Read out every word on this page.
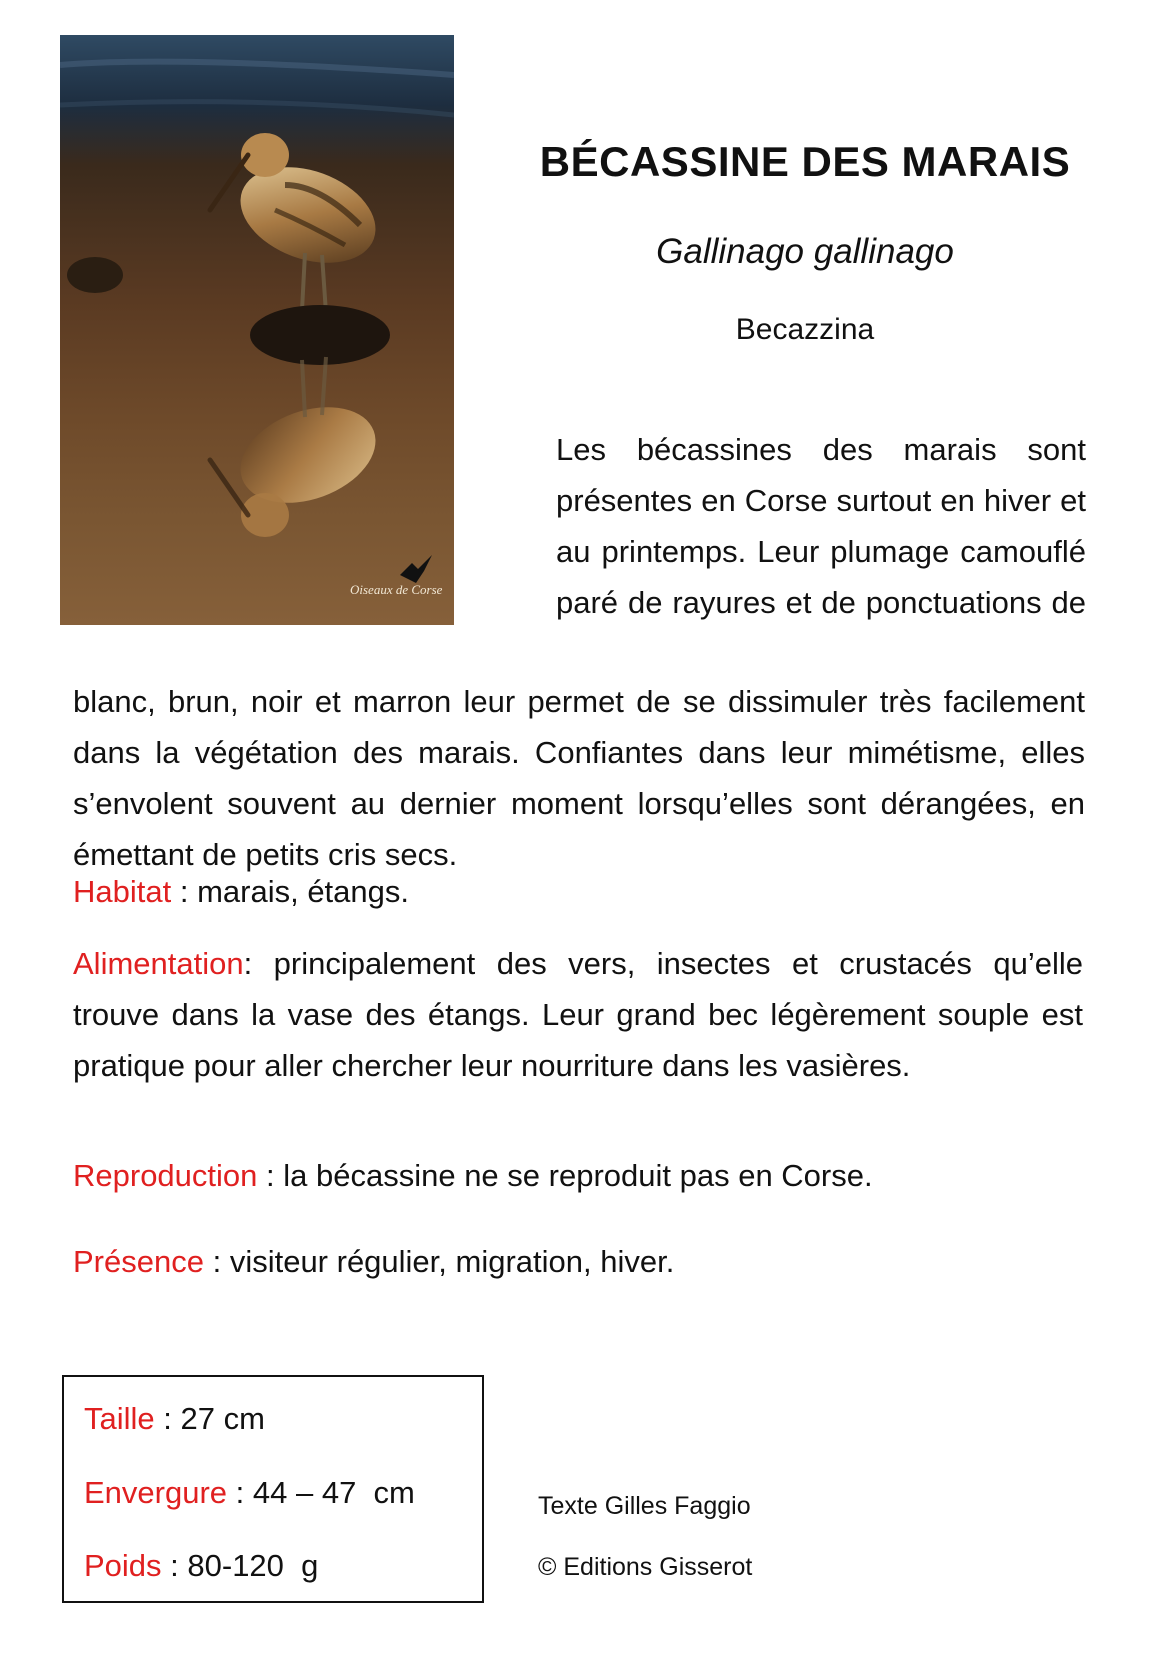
Oiseaux de Corse
BÉCASSINE DES MARAIS
Gallinago gallinago
Becazzina
Les bécassines des marais sont présentes en Corse surtout en hiver et au printemps. Leur plumage camouflé paré de rayures et de ponctuations de
blanc, brun, noir et marron leur permet de se dissimuler très facilement dans la végétation des marais. Confiantes dans leur mimétisme, elles s’envolent souvent au dernier moment lorsqu’elles sont dérangées, en émettant de petits cris secs.
Habitat : marais, étangs.
Alimentation: principalement des vers, insectes et crustacés qu’elle trouve dans la vase des étangs. Leur grand bec légèrement souple est pratique pour aller chercher leur nourriture dans les vasières.
Reproduction : la bécassine ne se reproduit pas en Corse.
Présence : visiteur régulier, migration, hiver.
Taille : 27 cm
Envergure : 44 – 47  cm
Poids : 80-120  g
Texte Gilles Faggio
© Editions Gisserot
